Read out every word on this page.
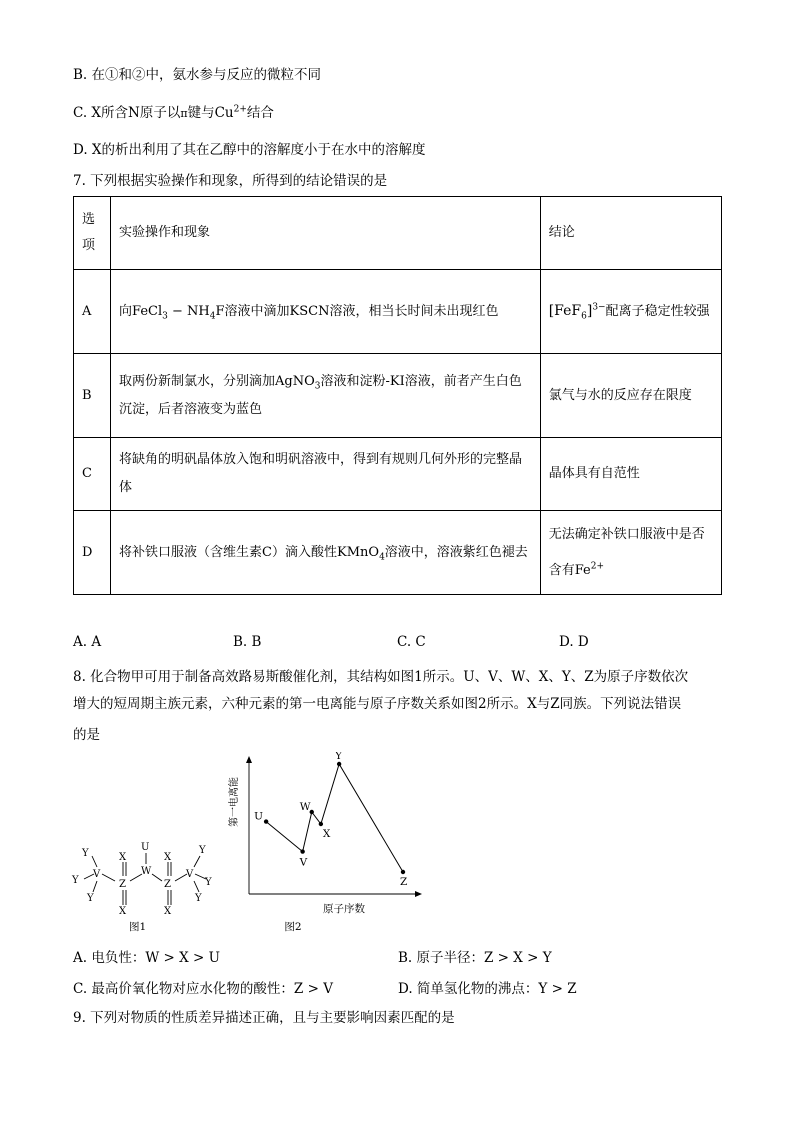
B. 在①和②中，氨水参与反应的微粒不同
C. X所含N原子以π键与$Cu^{2+}$结合
D. X的析出利用了其在乙醇中的溶解度小于在水中的溶解度
7. 下列根据实验操作和现象，所得到的结论错误的是
选项	实验操作和现象	结论
A	向FeCl$_3$ − $NH_4F$溶液中滴加KSCN溶液，相当长时间未出现红色	$[FeF_6]^{3-}$配离子稳定性较强
B	取两份新制氯水，分别滴加AgNO$_3$溶液和淀粉-KI溶液，前者产生白色沉淀，后者溶液变为蓝色	氯气与水的反应存在限度
C	将缺角的明矾晶体放入饱和明矾溶液中，得到有规则几何外形的完整晶体	晶体具有自范性
D	将补铁口服液（含维生素C）滴入酸性KMnO$_4$溶液中，溶液紫红色褪去	无法确定补铁口服液中是否含有$Fe^{2+}$
A. A	B. B	C. C	D. D
8. 化合物甲可用于制备高效路易斯酸催化剂，其结构如图1所示。U、V、W、X、Y、Z为原子序数依次
增大的短周期主族元素，六种元素的第一电离能与原子序数关系如图2所示。X与Z同族。下列说法错误
的是
Y
Y
Y
V
X
Z
X
U
W
X
Z
X
V
Y
Y
Y
图1
第一电离能
原子序数
图2
U
V
W
X
Y
Z
A. 电负性：W > X > U	B. 原子半径：Z > X > Y
C. 最高价氧化物对应水化物的酸性：Z > V	D. 简单氢化物的沸点：Y > Z
9. 下列对物质的性质差异描述正确，且与主要影响因素匹配的是
